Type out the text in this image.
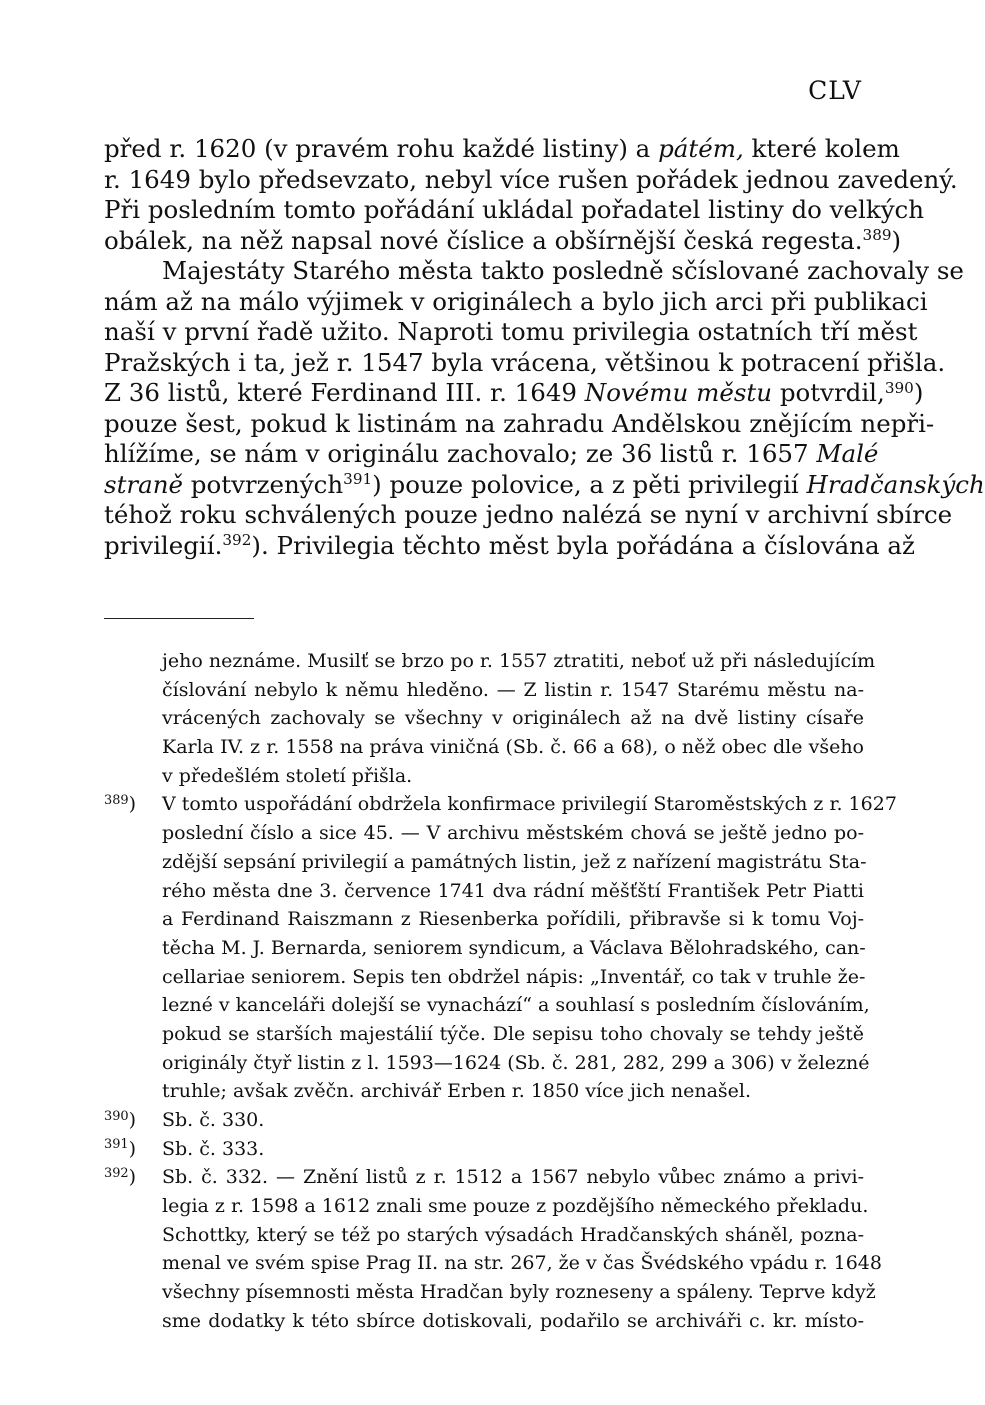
CLV
před r. 1620 (v pravém rohu každé listiny) a pátém, které kolem
r. 1649 bylo předsevzato, nebyl více rušen pořádek jednou zavedený.
Při posledním tomto pořádání ukládal pořadatel listiny do velkých
obálek, na něž napsal nové číslice a obšírnější česká regesta.$^{389}$)
Majestáty Starého města takto posledně sčíslované zachovaly se
nám až na málo výjimek v originálech a bylo jich arci při publikaci
naší v první řadě užito. Naproti tomu privilegia ostatních tří měst
Pražských i ta, jež r. 1547 byla vrácena, většinou k potracení přišla.
Z 36 listů, které Ferdinand III. r. 1649 Novému městu potvrdil,$^{390}$)
pouze šest, pokud k listinám na zahradu Andělskou znějícím nepři-
hlížíme, se nám v originálu zachovalo; ze 36 listů r. 1657 Malé
straně potvrzených$^{391}$) pouze polovice, a z pěti privilegií Hradčanských
téhož roku schválených pouze jedno nalézá se nyní v archivní sbírce
privilegií.$^{392}$). Privilegia těchto měst byla pořádána a číslována až
jeho neznáme. Musilť se brzo po r. 1557 ztratiti, neboť už při následujícím
číslování nebylo k němu hleděno. — Z listin r. 1547 Starému městu na-
vrácených zachovaly se všechny v originálech až na dvě listiny císaře
Karla IV. z r. 1558 na práva viničná (Sb. č. 66 a 68), o něž obec dle všeho
v předešlém století přišla.
$^{389}$) V tomto uspořádání obdržela konfirmace privilegií Staroměstských z r. 1627
poslední číslo a sice 45. — V archivu městském chová se ještě jedno po-
zdější sepsání privilegií a památných listin, jež z nařízení magistrátu Sta-
rého města dne 3. července 1741 dva rádní měšťští František Petr Piatti
a Ferdinand Raiszmann z Riesenberka pořídili, přibravše si k tomu Voj-
těcha M. J. Bernarda, seniorem syndicum, a Václava Bělohradského, can-
cellariae seniorem. Sepis ten obdržel nápis: „Inventář, co tak v truhle že-
lezné v kanceláři dolejší se vynachází“ a souhlasí s posledním číslováním,
pokud se starších majestálií týče. Dle sepisu toho chovaly se tehdy ještě
originály čtyř listin z l. 1593—1624 (Sb. č. 281, 282, 299 a 306) v železné
truhle; avšak zvěčn. archivář Erben r. 1850 více jich nenašel.
$^{390}$) Sb. č. 330.
$^{391}$) Sb. č. 333.
$^{392}$) Sb. č. 332. — Znění listů z r. 1512 a 1567 nebylo vůbec známo a privi-
legia z r. 1598 a 1612 znali sme pouze z pozdějšího německého překladu.
Schottky, který se též po starých výsadách Hradčanských sháněl, pozna-
menal ve svém spise Prag II. na str. 267, že v čas Švédského vpádu r. 1648
všechny písemnosti města Hradčan byly rozneseny a spáleny. Teprve když
sme dodatky k této sbírce dotiskovali, podařilo se archiváři c. kr. místo-
